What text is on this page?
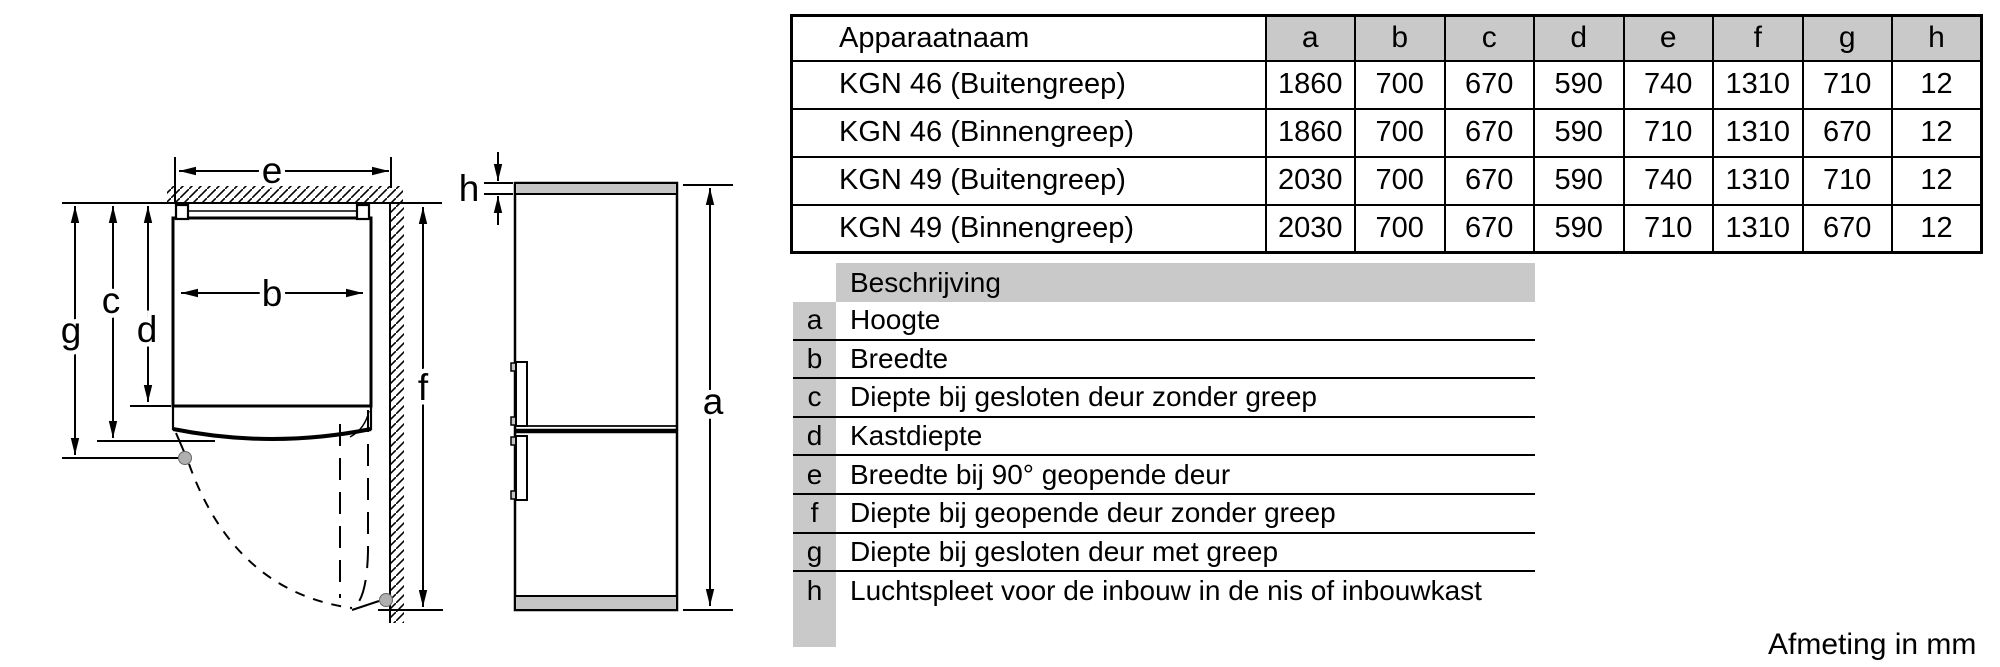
e
b
g
c
d
f	a
h
Apparaatnaam	a	b	c	d	e	f	g	h
KGN 46 (Buitengreep)	1860	700	670	590	740	1310	710	12
KGN 46 (Binnengreep)	1860	700	670	590	710	1310	670	12
KGN 49 (Buitengreep)	2030	700	670	590	740	1310	710	12
KGN 49 (Binnengreep)	2030	700	670	590	710	1310	670	12
Beschrijving
a Hoogte
b Breedte
c	Diepte bij gesloten deur zonder greep
d Kastdiepte
e Breedte bij 90° geopende deur
f	Diepte bij geopende deur zonder greep
g Diepte bij gesloten deur met greep
h Luchtspleet voor de inbouw in de nis of inbouwkast
Afmeting in mm
